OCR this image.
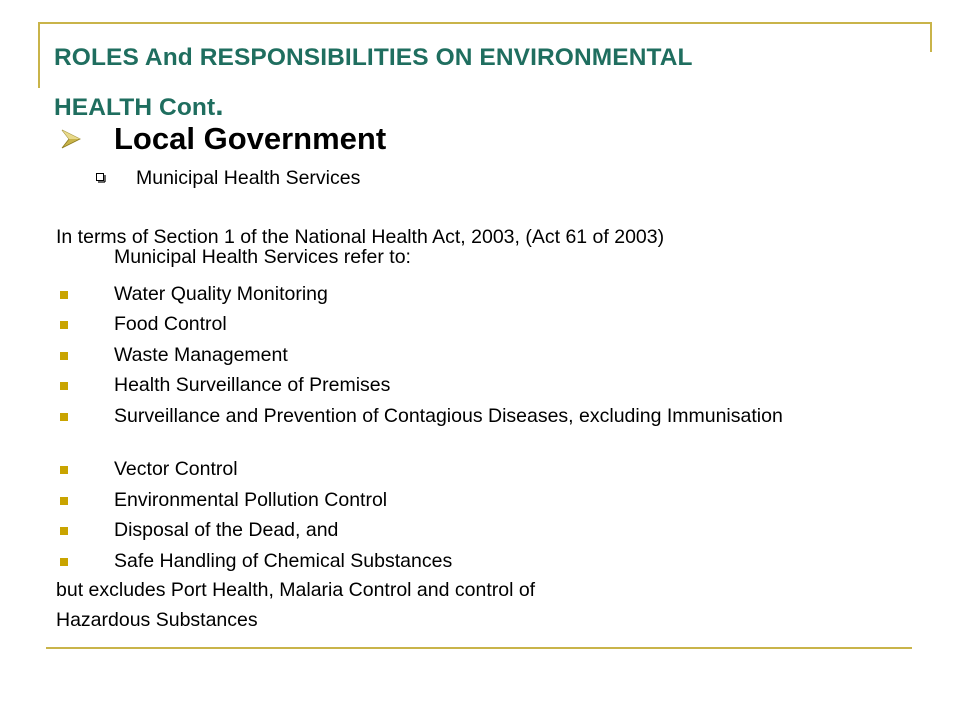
ROLES And RESPONSIBILITIES ON ENVIRONMENTAL
HEALTH Cont.
Local Government
Municipal Health Services

In terms of Section 1 of the National Health Act, 2003, (Act 61 of 2003)
Municipal Health Services refer to:

Water Quality Monitoring
Food Control
Waste Management
Health Surveillance of Premises
Surveillance and Prevention of Contagious Diseases, excluding Immunisation
Vector Control
Environmental Pollution Control
Disposal of the Dead, and
Safe Handling of Chemical Substances

but excludes Port Health, Malaria Control and control of

Hazardous Substances
